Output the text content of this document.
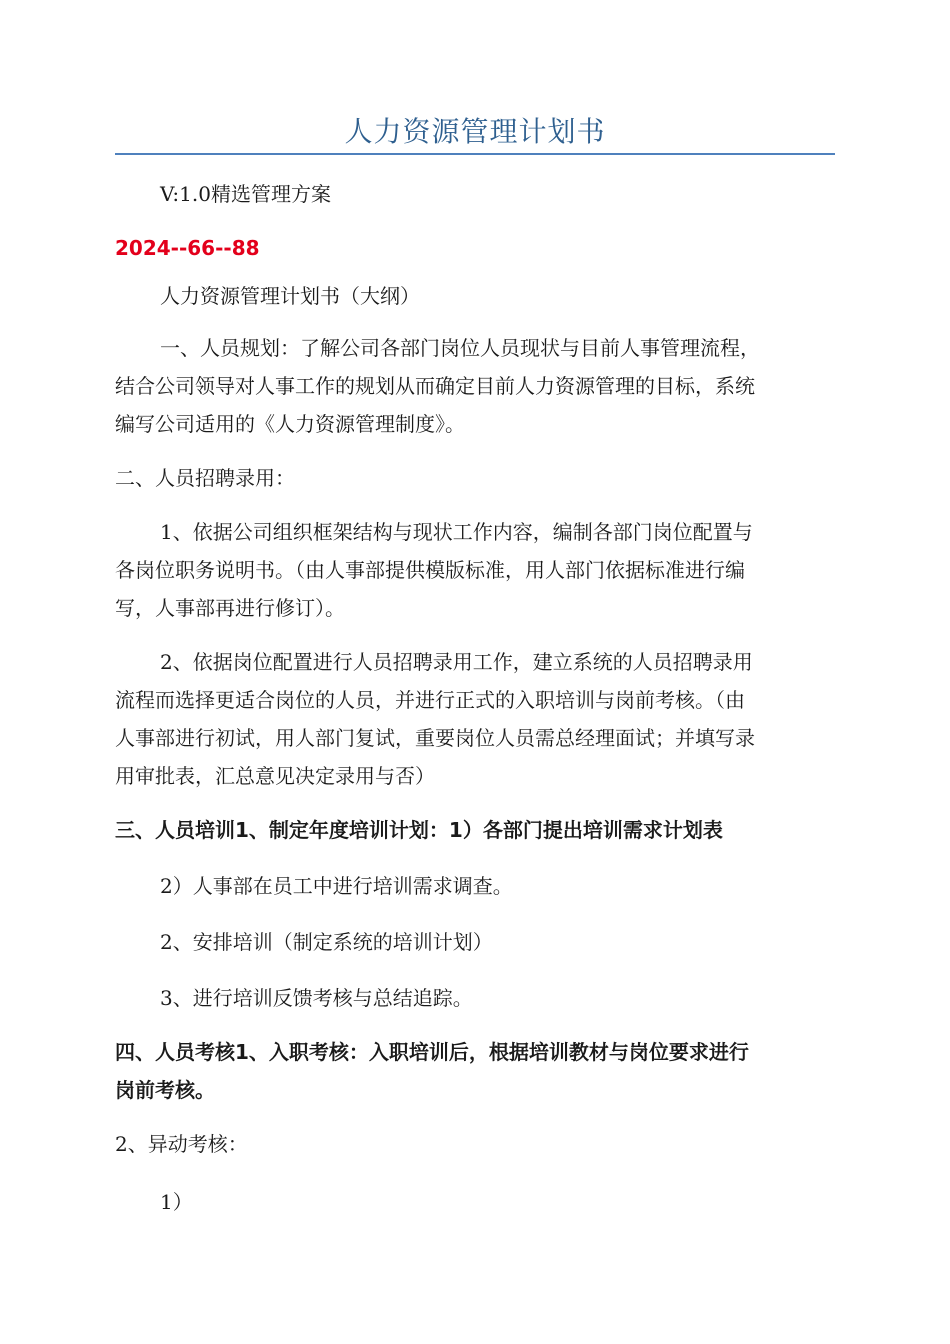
人力资源管理计划书
V:1.0精选管理方案
2024--66--88
人力资源管理计划书（大纲）
一、人员规划：了解公司各部门岗位人员现状与目前人事管理流程，
结合公司领导对人事工作的规划从而确定目前人力资源管理的目标，系统
编写公司适用的《人力资源管理制度》。
二、人员招聘录用：
1、依据公司组织框架结构与现状工作内容，编制各部门岗位配置与
各岗位职务说明书。（由人事部提供模版标准，用人部门依据标准进行编
写，人事部再进行修订）。
2、依据岗位配置进行人员招聘录用工作，建立系统的人员招聘录用
流程而选择更适合岗位的人员，并进行正式的入职培训与岗前考核。（由
人事部进行初试，用人部门复试，重要岗位人员需总经理面试；并填写录
用审批表，汇总意见决定录用与否）
三、人员培训1、制定年度培训计划：1）各部门提出培训需求计划表
2）人事部在员工中进行培训需求调查。
2、安排培训（制定系统的培训计划）
3、进行培训反馈考核与总结追踪。
四、人员考核1、入职考核：入职培训后，根据培训教材与岗位要求进行
岗前考核。
2、异动考核：
1）
